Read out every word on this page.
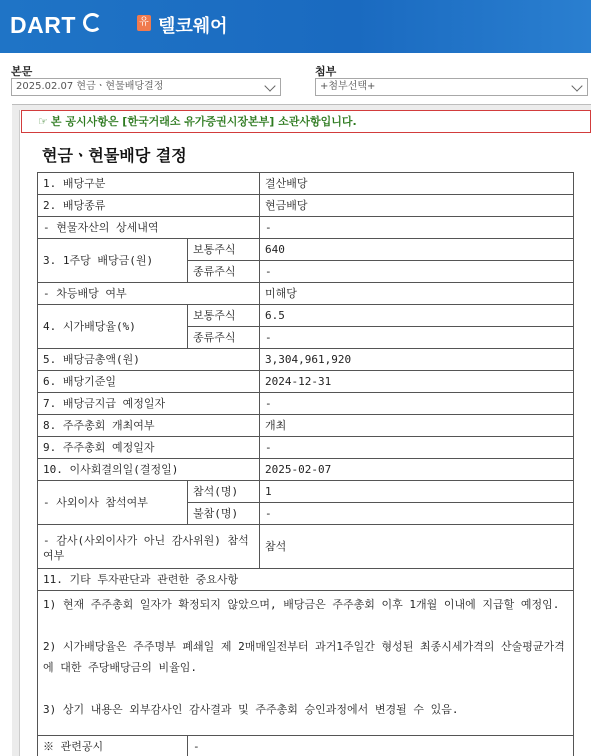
DART	유 텔코웨어
본문
2025.02.07 현금ㆍ현물배당결정
첨부
+첨부선택+
☞ 본 공시사항은 [한국거래소 유가증권시장본부] 소관사항입니다.
현금ㆍ현물배당 결정
1. 배당구분		결산배당
2. 배당종류		현금배당
- 현물자산의 상세내역		-
3. 1주당 배당금(원)	보통주식	640
	종류주식	-
- 차등배당 여부		미해당
4. 시가배당율(%)	보통주식	6.5
	종류주식	-
5. 배당금총액(원)		3,304,961,920
6. 배당기준일		2024-12-31
7. 배당금지급 예정일자		-
8. 주주총회 개최여부		개최
9. 주주총회 예정일자		-
10. 이사회결의일(결정일)		2025-02-07
- 사외이사 참석여부	참석(명)	1
	불참(명)	-
- 감사(사외이사가 아닌 감사위원) 참석여부		참석
11. 기타 투자판단과 관련한 중요사항		

1) 현재 주주총회 일자가 확정되지 않았으며, 배당금은 주주총회 이후 1개월 이내에 지급할 예정임.

2) 시가배당율은 주주명부 폐쇄일 제 2매매일전부터 과거1주일간 형성된 최종시세가격의 산술평균가격에 대한 주당배당금의 비율임.

3) 상기 내용은 외부감사인 감사결과 및 주주총회 승인과정에서 변경될 수 있음.		

※ 관련공시	-	
